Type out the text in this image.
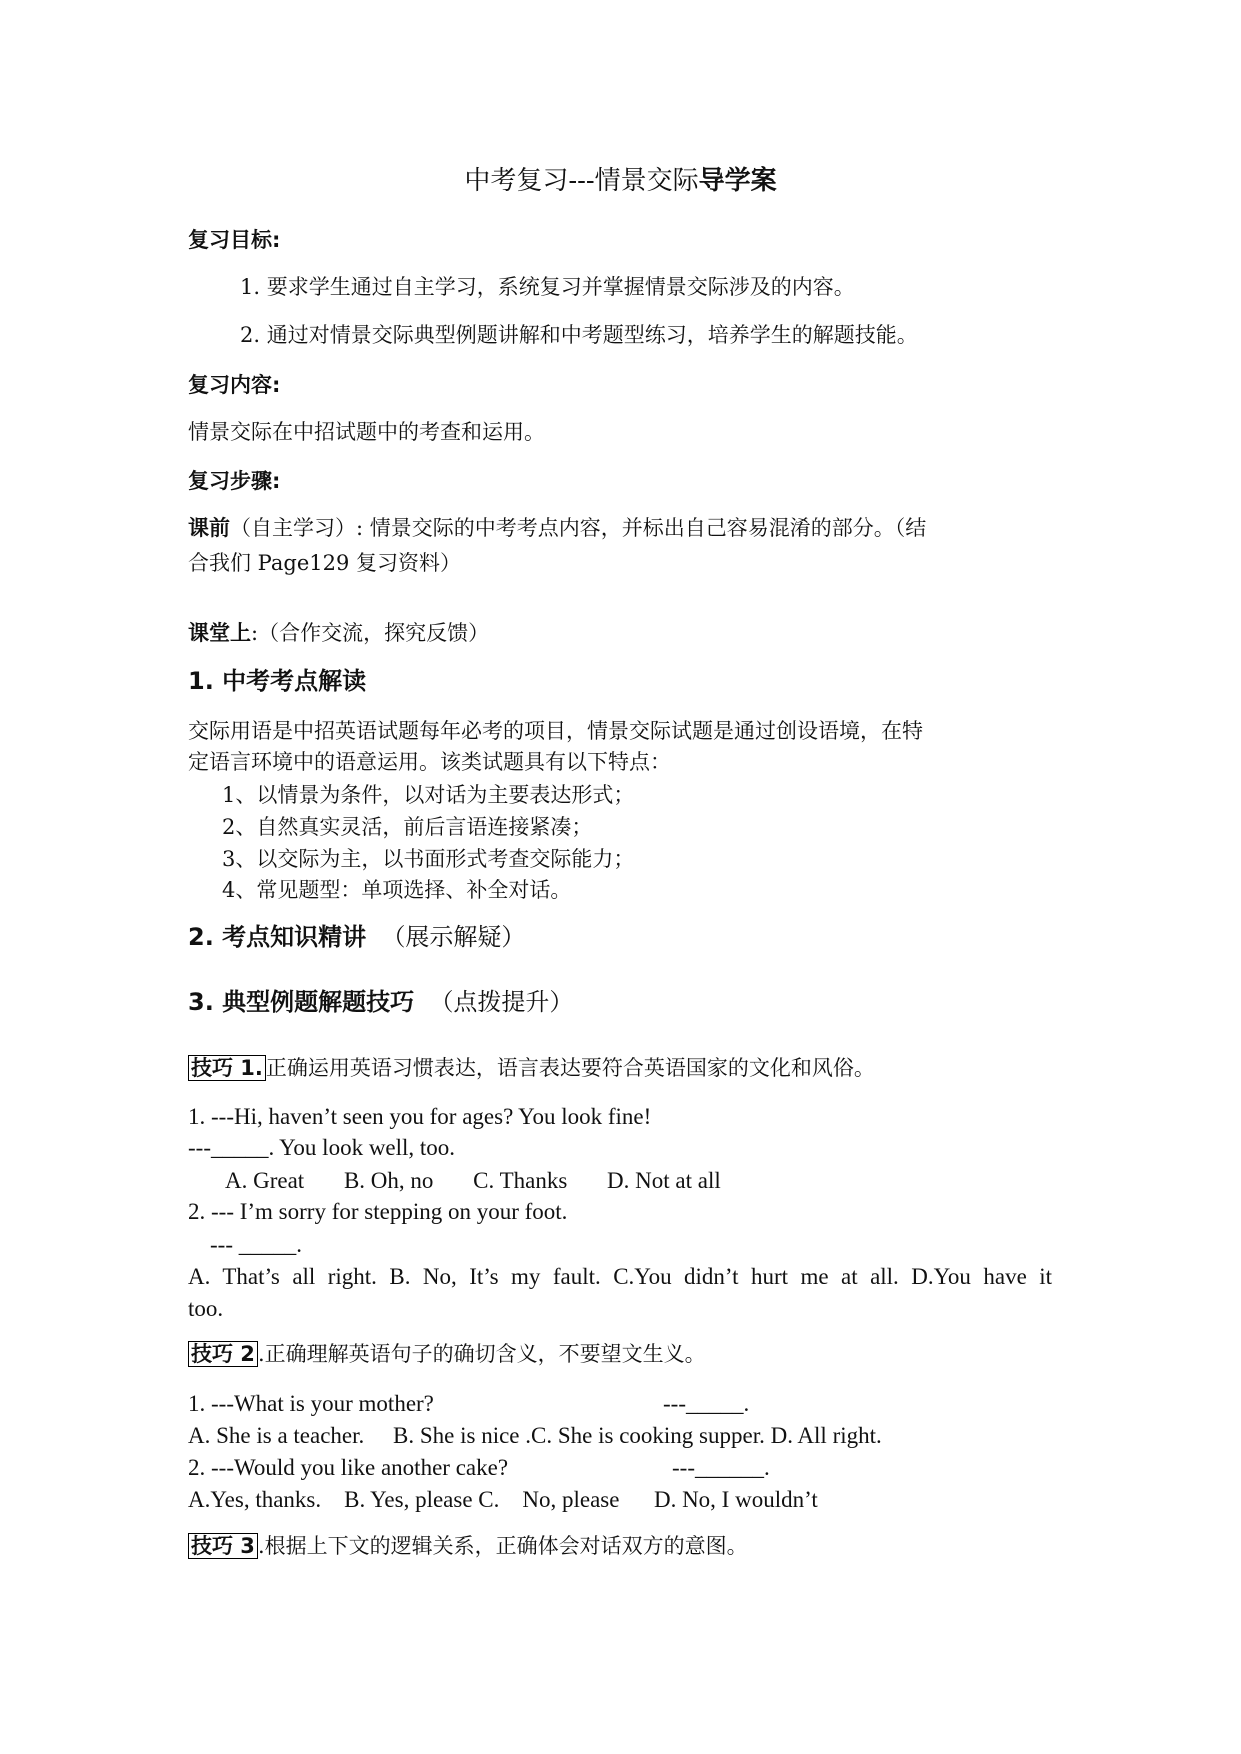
中考复习---情景交际导学案
复习目标:
1. 要求学生通过自主学习，系统复习并掌握情景交际涉及的内容。
2. 通过对情景交际典型例题讲解和中考题型练习，培养学生的解题技能。
复习内容:
情景交际在中招试题中的考查和运用。
复习步骤:
课前（自主学习）: 情景交际的中考考点内容，并标出自己容易混淆的部分。（结
合我们 Page129 复习资料）
课堂上:（合作交流，探究反馈）
1. 中考考点解读
交际用语是中招英语试题每年必考的项目，情景交际试题是通过创设语境，在特
定语言环境中的语意运用。该类试题具有以下特点：
1、以情景为条件，以对话为主要表达形式；
2、自然真实灵活，前后言语连接紧凑；
3、以交际为主，以书面形式考查交际能力；
4、常见题型：单项选择、补全对话。
2. 考点知识精讲 （展示解疑）
3. 典型例题解题技巧 （点拨提升）
技巧 1. 正确运用英语习惯表达，语言表达要符合英语国家的文化和风俗。
1. ---Hi, haven’t seen you for ages? You look fine!
---_____. You look well, too.
A. Great B. Oh, no C. Thanks D. Not at all
2. --- I’m sorry for stepping on your foot.
--- _____.
A. That’s all right. B. No, It’s my fault. C.You didn’t hurt me at all. D.You have it
too.
技巧 2 .正确理解英语句子的确切含义，不要望文生义。
1. ---What is your mother?	---_____.
A. She is a teacher.     B. She is nice .C. She is cooking supper. D. All right.
2. ---Would you like another cake?	---______.
A.Yes, thanks.    B. Yes, please C.    No, please      D. No, I wouldn’t
技巧 3 .根据上下文的逻辑关系，正确体会对话双方的意图。
